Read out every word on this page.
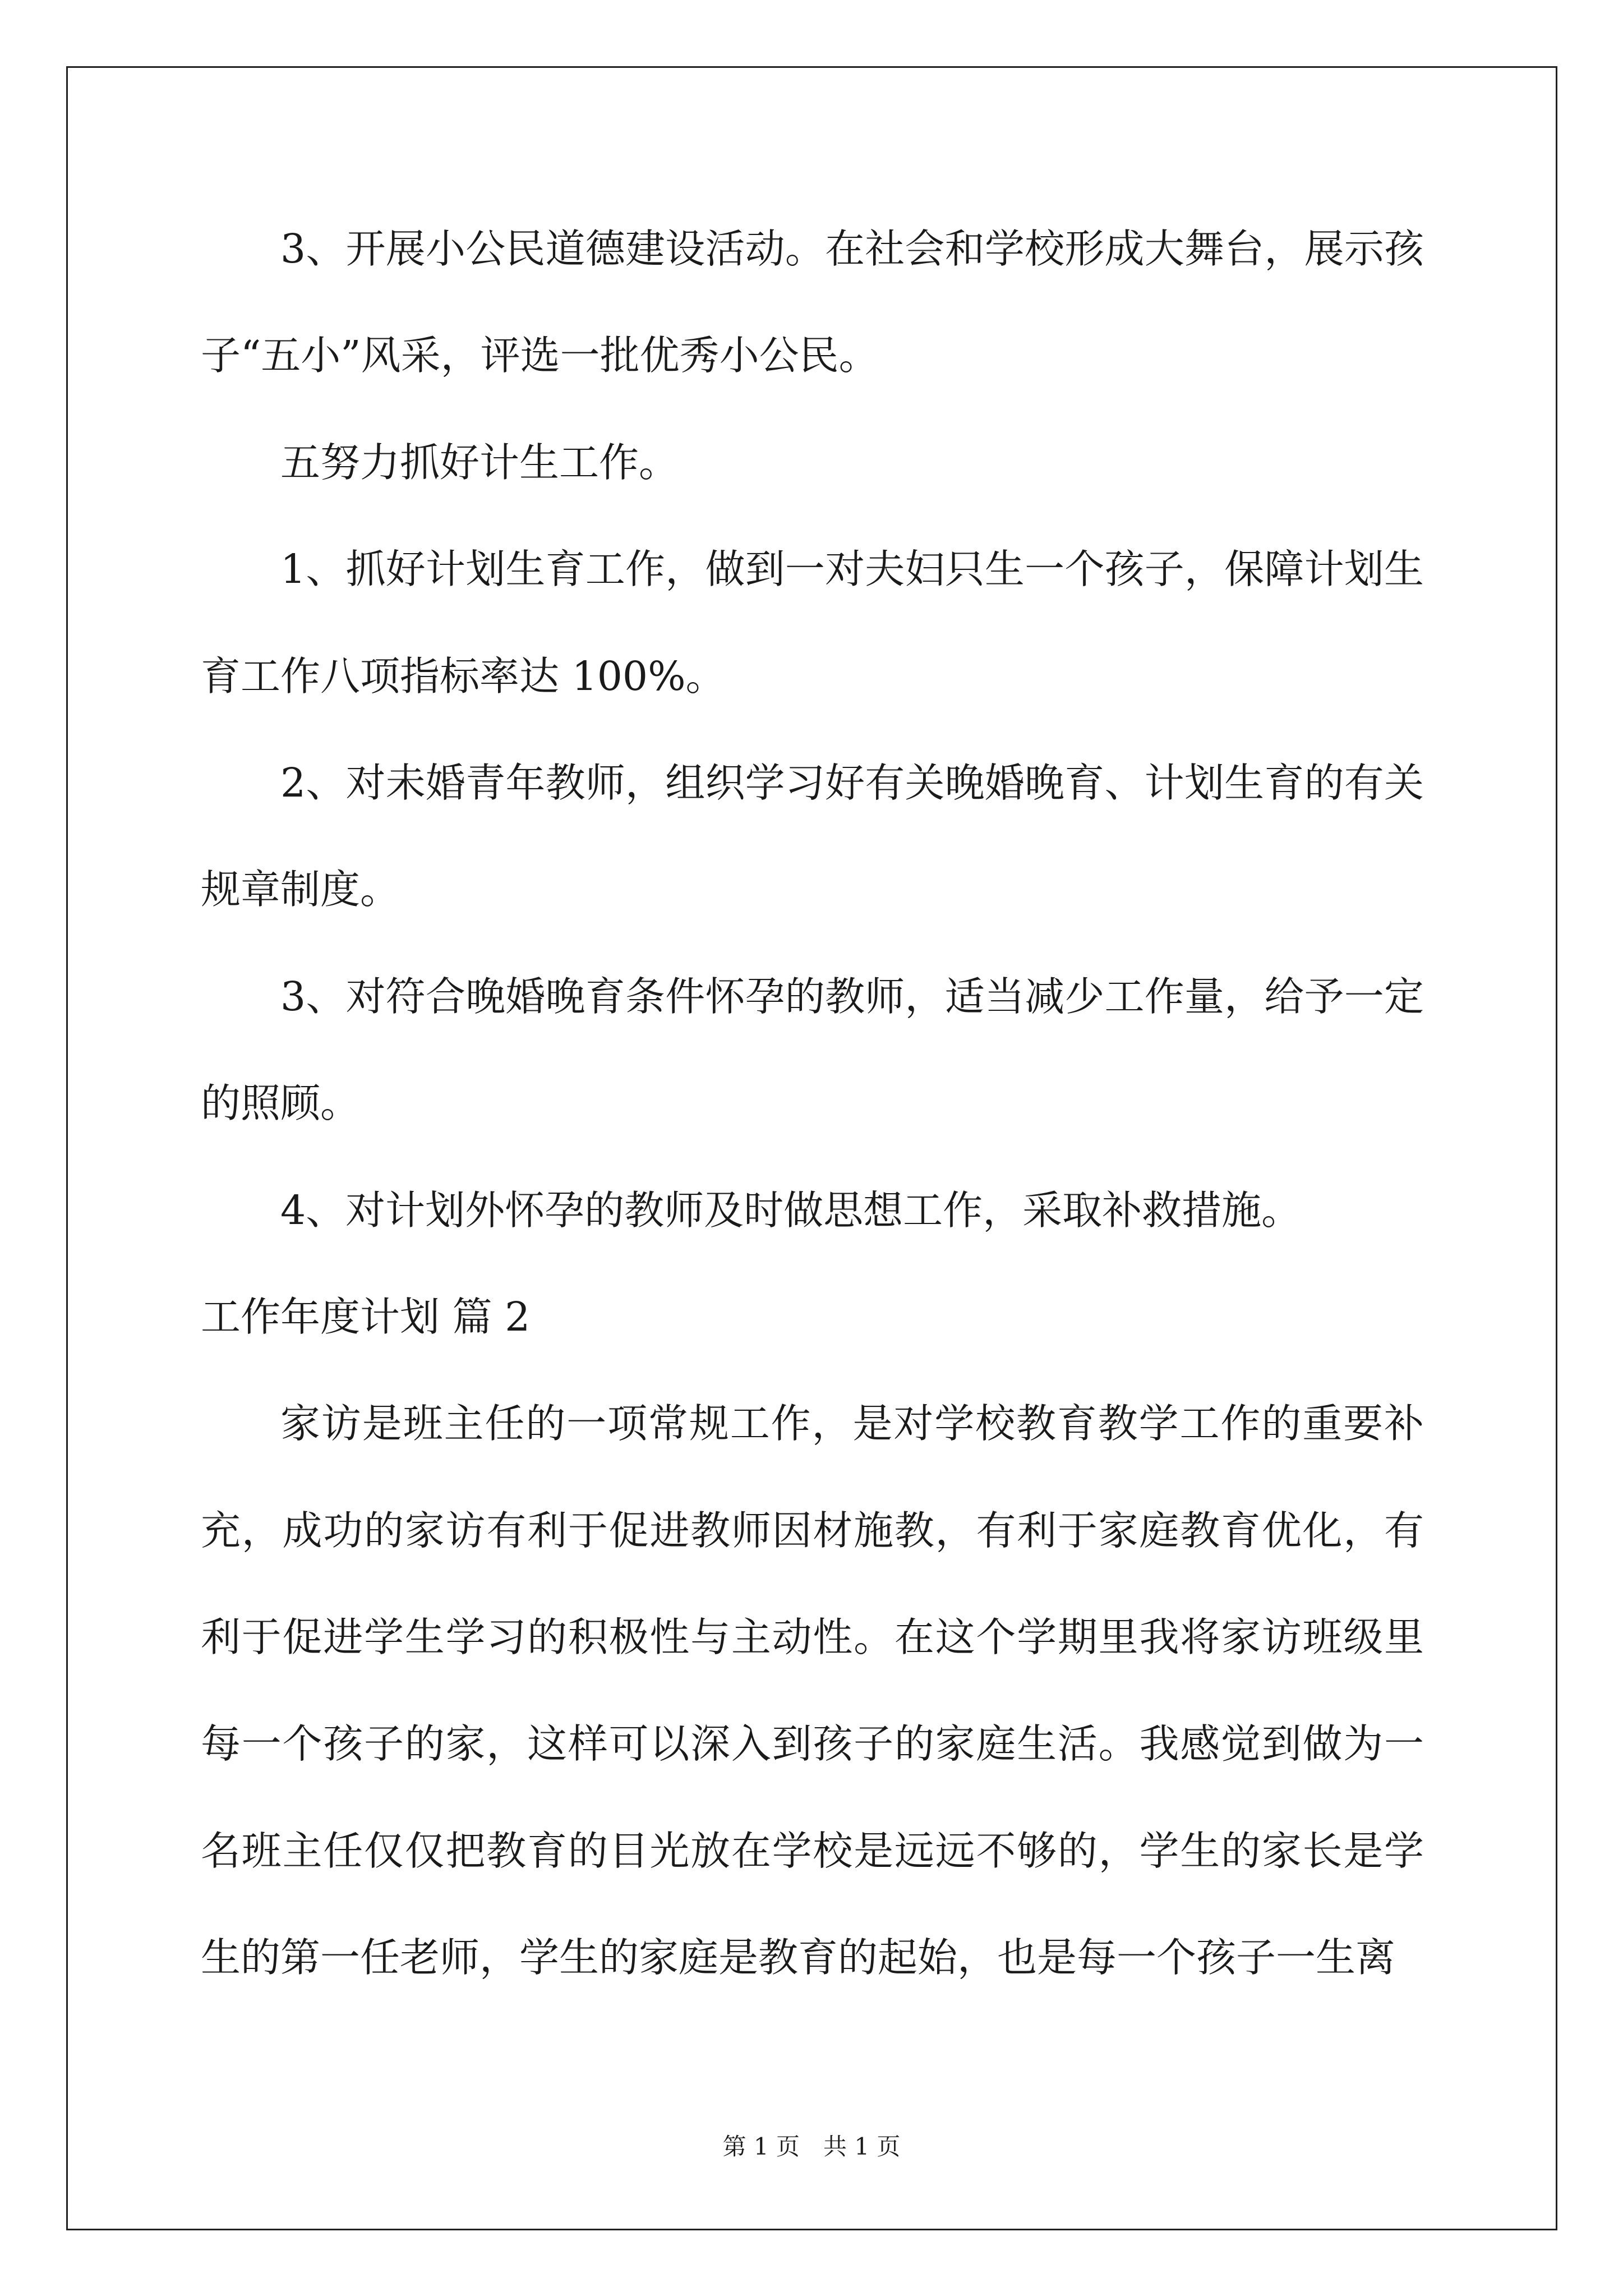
3、开展小公民道德建设活动。在社会和学校形成大舞台，展示孩
子“五小”风采，评选一批优秀小公民。
五努力抓好计生工作。
1、抓好计划生育工作，做到一对夫妇只生一个孩子，保障计划生
育工作八项指标率达 100%。
2、对未婚青年教师，组织学习好有关晚婚晚育、计划生育的有关
规章制度。
3、对符合晚婚晚育条件怀孕的教师，适当减少工作量，给予一定
的照顾。
4、对计划外怀孕的教师及时做思想工作，采取补救措施。
工作年度计划 篇 2
家访是班主任的一项常规工作，是对学校教育教学工作的重要补
充，成功的家访有利于促进教师因材施教，有利于家庭教育优化，有
利于促进学生学习的积极性与主动性。在这个学期里我将家访班级里
每一个孩子的家，这样可以深入到孩子的家庭生活。我感觉到做为一
名班主任仅仅把教育的目光放在学校是远远不够的，学生的家长是学
生的第一任老师，学生的家庭是教育的起始，也是每一个孩子一生离
第 1 页　共 1 页
